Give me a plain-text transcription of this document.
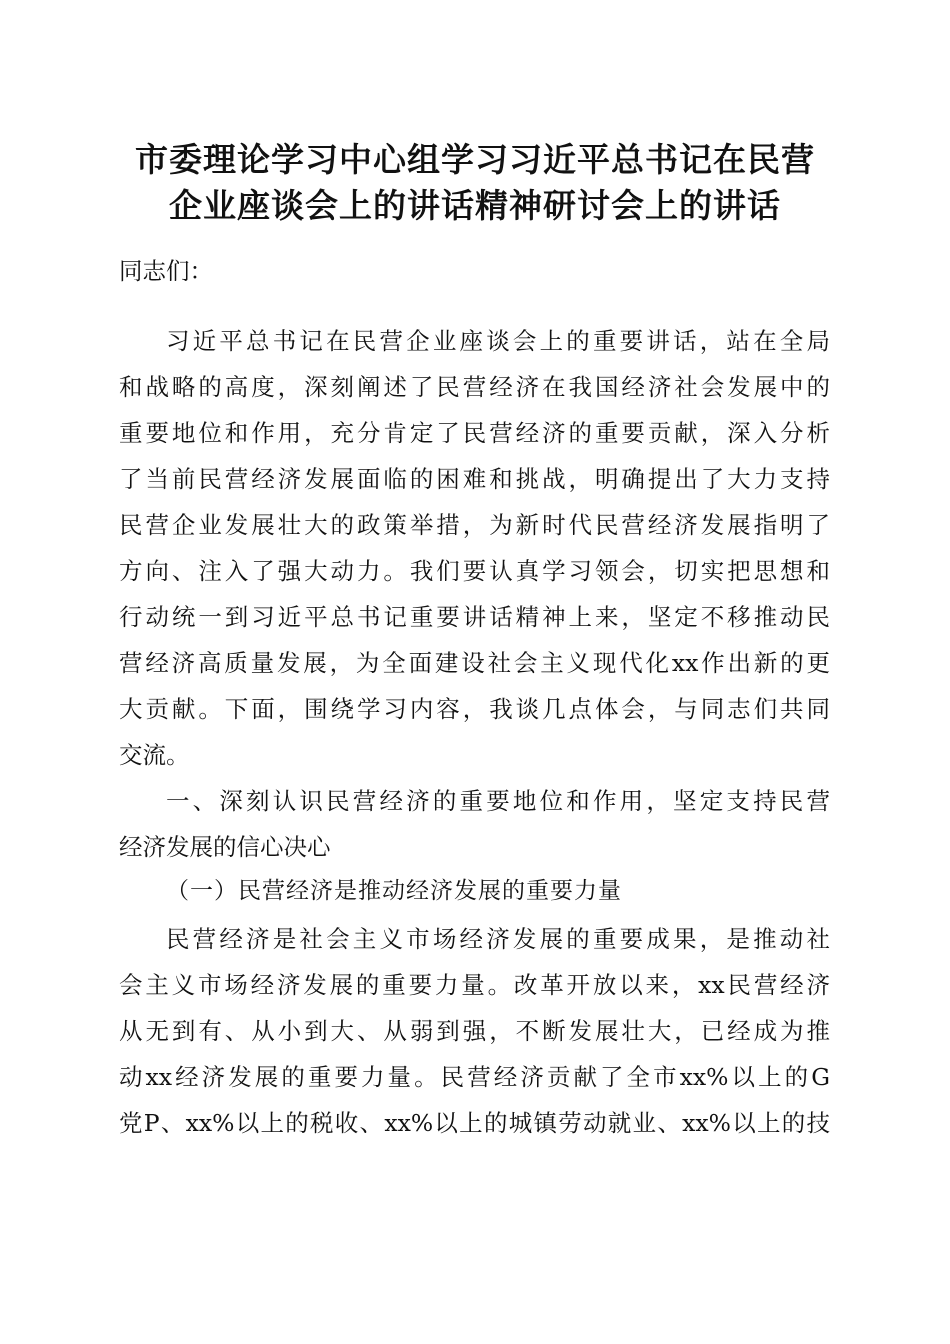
市委理论学习中心组学习习近平总书记在民营
企业座谈会上的讲话精神研讨会上的讲话
同志们：
习近平总书记在民营企业座谈会上的重要讲话，站在全局
和战略的高度，深刻阐述了民营经济在我国经济社会发展中的
重要地位和作用，充分肯定了民营经济的重要贡献，深入分析
了当前民营经济发展面临的困难和挑战，明确提出了大力支持
民营企业发展壮大的政策举措，为新时代民营经济发展指明了
方向、注入了强大动力。我们要认真学习领会，切实把思想和
行动统一到习近平总书记重要讲话精神上来，坚定不移推动民
营经济高质量发展，为全面建设社会主义现代化xx作出新的更
大贡献。下面，围绕学习内容，我谈几点体会，与同志们共同
交流。
一、深刻认识民营经济的重要地位和作用，坚定支持民营
经济发展的信心决心
（一）民营经济是推动经济发展的重要力量
民营经济是社会主义市场经济发展的重要成果，是推动社
会主义市场经济发展的重要力量。改革开放以来，xx民营经济
从无到有、从小到大、从弱到强，不断发展壮大，已经成为推
动xx经济发展的重要力量。民营经济贡献了全市xx%以上的G
党P、xx%以上的税收、xx%以上的城镇劳动就业、xx%以上的技
